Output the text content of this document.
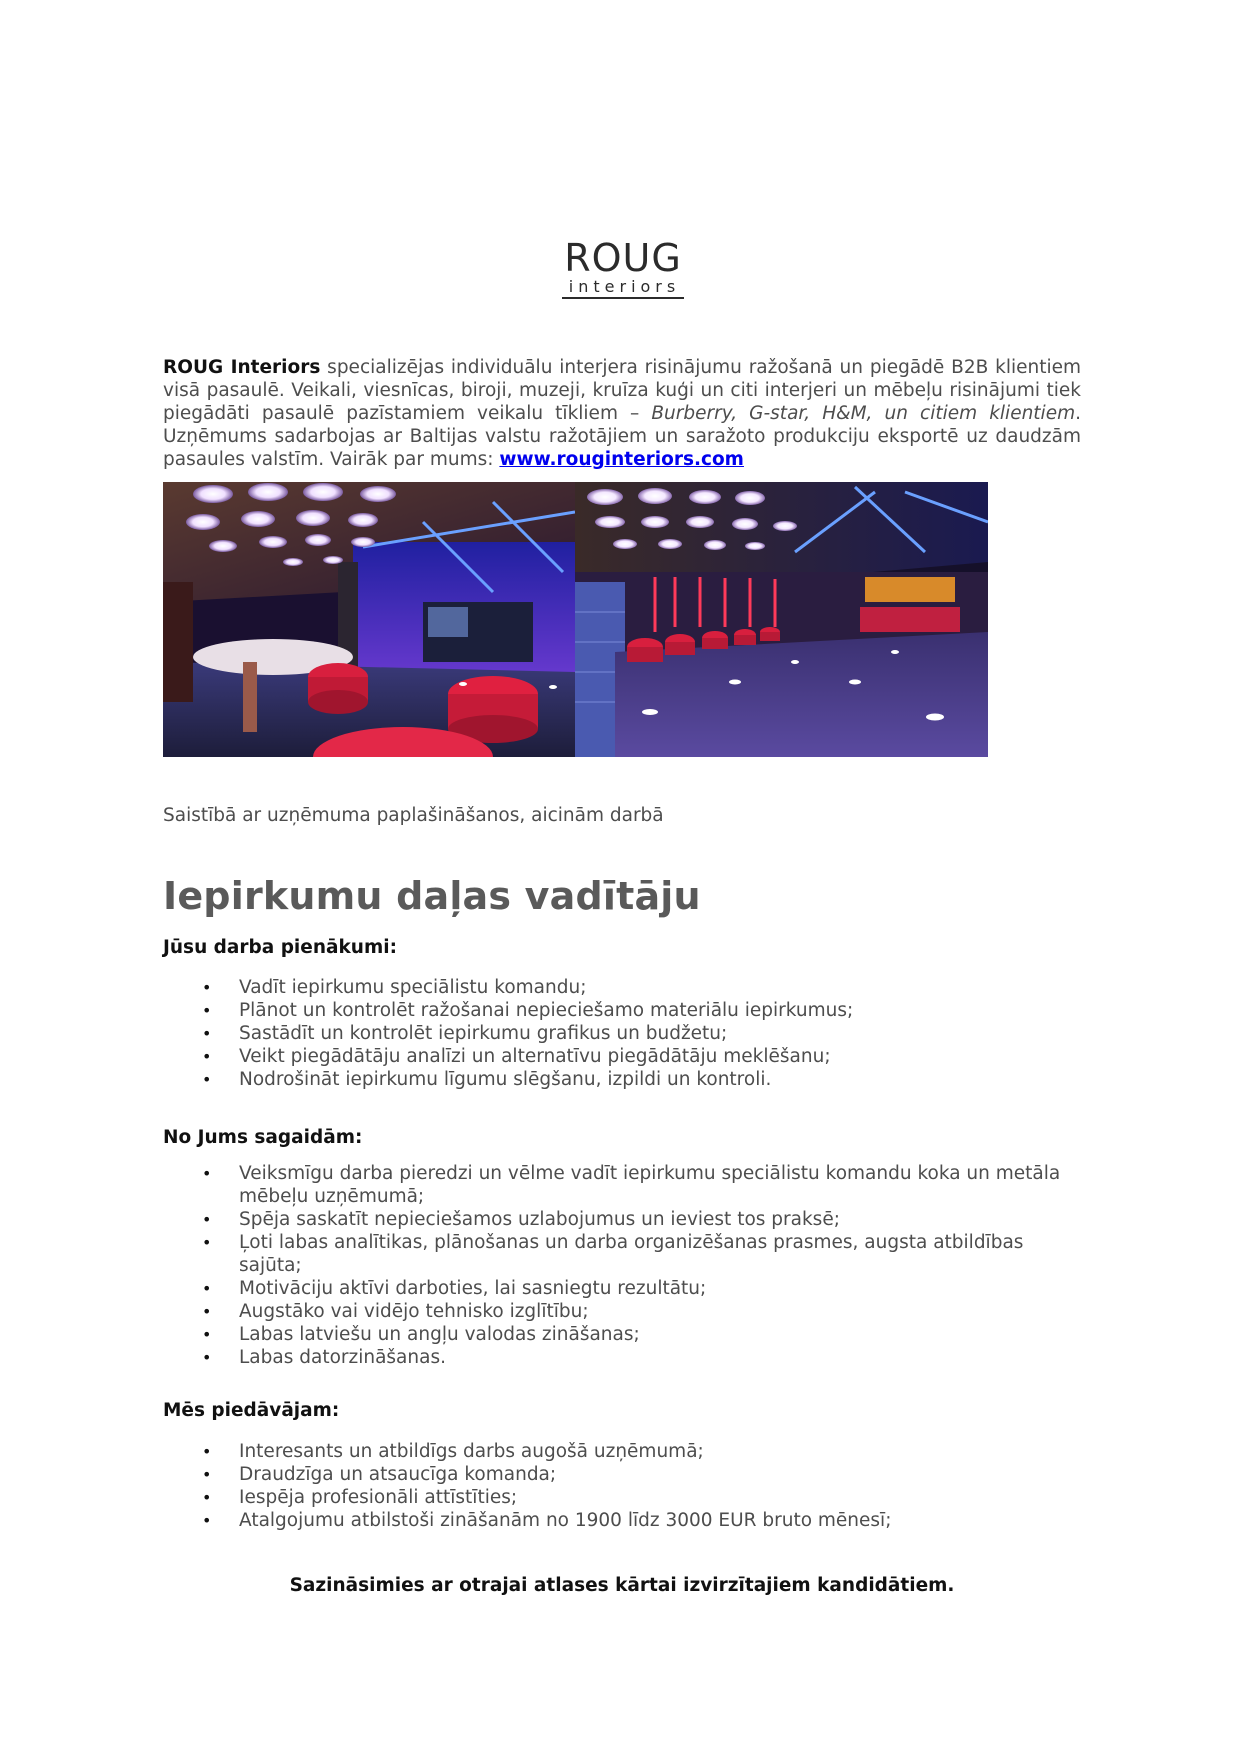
ROUG
interiors

ROUG Interiors specializējas individuālu interjera risinājumu ražošanā un piegādē B2B klientiem visā pasaulē. Veikali, viesnīcas, biroji, muzeji, kruīza kuģi un citi interjeri un mēbeļu risinājumi tiek piegādāti pasaulē pazīstamiem veikalu tīkliem – Burberry, G-star, H&M, un citiem klientiem. Uzņēmums sadarbojas ar Baltijas valstu ražotājiem un saražoto produkciju eksportē uz daudzām pasaules valstīm. Vairāk par mums: www.rouginteriors.com

Saistībā ar uzņēmuma paplašināšanos, aicinām darbā
Iepirkumu daļas vadītāju
Jūsu darba pienākumi:
• Vadīt iepirkumu speciālistu komandu;
• Plānot un kontrolēt ražošanai nepieciešamo materiālu iepirkumus;
• Sastādīt un kontrolēt iepirkumu grafikus un budžetu;
• Veikt piegādātāju analīzi un alternatīvu piegādātāju meklēšanu;
• Nodrošināt iepirkumu līgumu slēgšanu, izpildi un kontroli.
No Jums sagaidām:
• Veiksmīgu darba pieredzi un vēlme vadīt iepirkumu speciālistu komandu koka un metāla mēbeļu uzņēmumā;
• Spēja saskatīt nepieciešamos uzlabojumus un ieviest tos praksē;
• Ļoti labas analītikas, plānošanas un darba organizēšanas prasmes, augsta atbildības sajūta;
• Motivāciju aktīvi darboties, lai sasniegtu rezultātu;
• Augstāko vai vidējo tehnisko izglītību;
• Labas latviešu un angļu valodas zināšanas;
• Labas datorzināšanas.
Mēs piedāvājam:
• Interesants un atbildīgs darbs augošā uzņēmumā;
• Draudzīga un atsaucīga komanda;
• Iespēja profesionāli attīstīties;
• Atalgojumu atbilstoši zināšanām no 1900 līdz 3000 EUR bruto mēnesī;
Sazināsimies ar otrajai atlases kārtai izvirzītajiem kandidātiem.
